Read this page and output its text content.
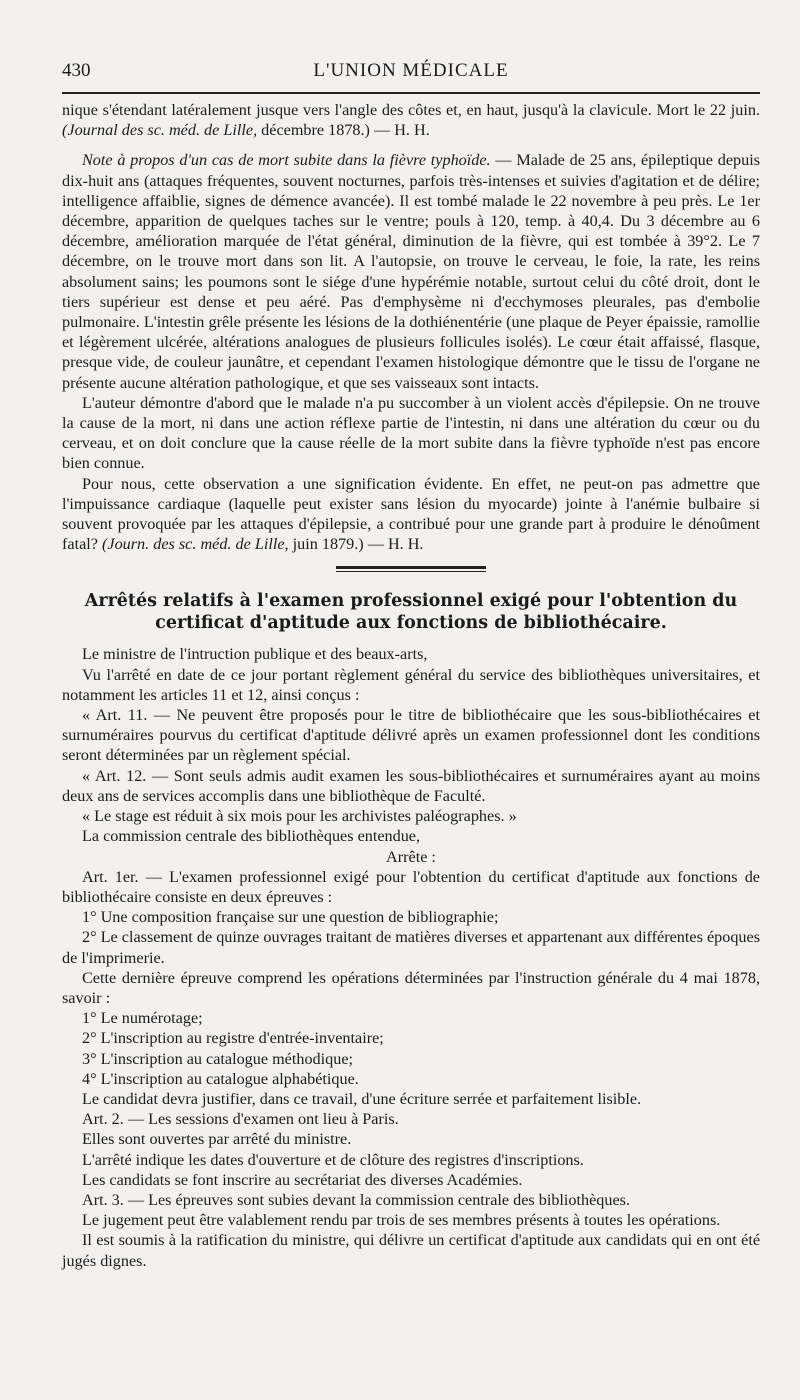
430	L'UNION MÉDICALE

nique s'étendant latéralement jusque vers l'angle des côtes et, en haut, jusqu'à la clavicule. Mort le 22 juin. (Journal des sc. méd. de Lille, décembre 1878.) — H. H.

Note à propos d'un cas de mort subite dans la fièvre typhoïde. — Malade de 25 ans, épileptique depuis dix-huit ans (attaques fréquentes, souvent nocturnes, parfois très-intenses et suivies d'agitation et de délire; intelligence affaiblie, signes de démence avancée). Il est tombé malade le 22 novembre à peu près. Le 1er décembre, apparition de quelques taches sur le ventre; pouls à 120, temp. à 40,4. Du 3 décembre au 6 décembre, amélioration marquée de l'état général, diminution de la fièvre, qui est tombée à 39°2. Le 7 décembre, on le trouve mort dans son lit. A l'autopsie, on trouve le cerveau, le foie, la rate, les reins absolument sains; les poumons sont le siége d'une hypérémie notable, surtout celui du côté droit, dont le tiers supérieur est dense et peu aéré. Pas d'emphysème ni d'ecchymoses pleurales, pas d'embolie pulmonaire. L'intestin grêle présente les lésions de la dothiénentérie (une plaque de Peyer épaissie, ramollie et légèrement ulcérée, altérations analogues de plusieurs follicules isolés). Le cœur était affaissé, flasque, presque vide, de couleur jaunâtre, et cependant l'examen histologique démontre que le tissu de l'organe ne présente aucune altération pathologique, et que ses vaisseaux sont intacts.

L'auteur démontre d'abord que le malade n'a pu succomber à un violent accès d'épilepsie. On ne trouve la cause de la mort, ni dans une action réflexe partie de l'intestin, ni dans une altération du cœur ou du cerveau, et on doit conclure que la cause réelle de la mort subite dans la fièvre typhoïde n'est pas encore bien connue.

Pour nous, cette observation a une signification évidente. En effet, ne peut-on pas admettre que l'impuissance cardiaque (laquelle peut exister sans lésion du myocarde) jointe à l'anémie bulbaire si souvent provoquée par les attaques d'épilepsie, a contribué pour une grande part à produire le dénoûment fatal? (Journ. des sc. méd. de Lille, juin 1879.) — H. H.

Arrêtés relatifs à l'examen professionnel exigé pour l'obtention du certificat d'aptitude aux fonctions de bibliothécaire.

Le ministre de l'intruction publique et des beaux-arts,

Vu l'arrêté en date de ce jour portant règlement général du service des bibliothèques universitaires, et notamment les articles 11 et 12, ainsi conçus :

« Art. 11. — Ne peuvent être proposés pour le titre de bibliothécaire que les sous-bibliothécaires et surnuméraires pourvus du certificat d'aptitude délivré après un examen professionnel dont les conditions seront déterminées par un règlement spécial.

« Art. 12. — Sont seuls admis audit examen les sous-bibliothécaires et surnuméraires ayant au moins deux ans de services accomplis dans une bibliothèque de Faculté.

« Le stage est réduit à six mois pour les archivistes paléographes. »

La commission centrale des bibliothèques entendue,

Arrête :

Art. 1er. — L'examen professionnel exigé pour l'obtention du certificat d'aptitude aux fonctions de bibliothécaire consiste en deux épreuves :

1° Une composition française sur une question de bibliographie;

2° Le classement de quinze ouvrages traitant de matières diverses et appartenant aux différentes époques de l'imprimerie.

Cette dernière épreuve comprend les opérations déterminées par l'instruction générale du 4 mai 1878, savoir :

1° Le numérotage;

2° L'inscription au registre d'entrée-inventaire;

3° L'inscription au catalogue méthodique;

4° L'inscription au catalogue alphabétique.

Le candidat devra justifier, dans ce travail, d'une écriture serrée et parfaitement lisible.

Art. 2. — Les sessions d'examen ont lieu à Paris.

Elles sont ouvertes par arrêté du ministre.

L'arrêté indique les dates d'ouverture et de clôture des registres d'inscriptions.

Les candidats se font inscrire au secrétariat des diverses Académies.

Art. 3. — Les épreuves sont subies devant la commission centrale des bibliothèques.

Le jugement peut être valablement rendu par trois de ses membres présents à toutes les opérations.

Il est soumis à la ratification du ministre, qui délivre un certificat d'aptitude aux candidats qui en ont été jugés dignes.
